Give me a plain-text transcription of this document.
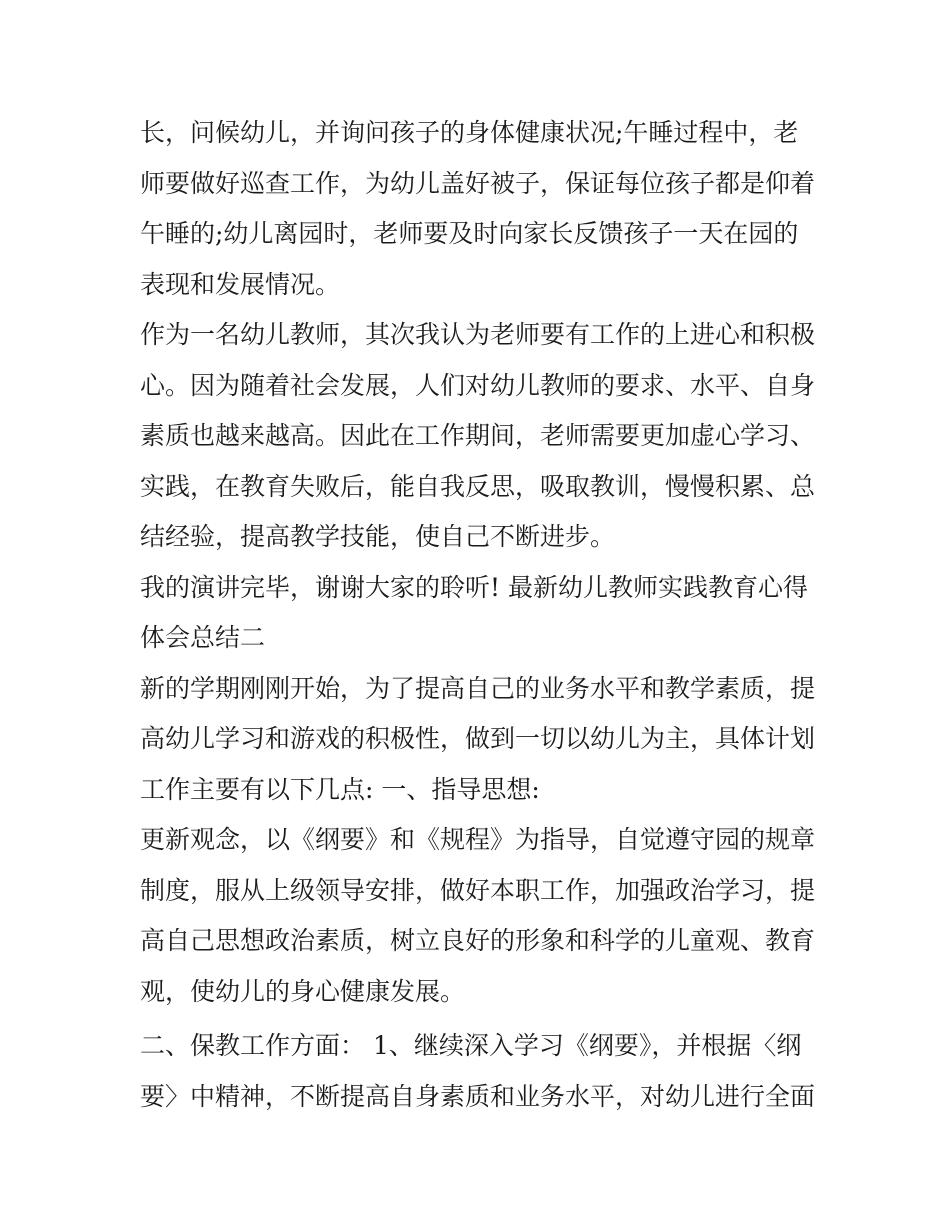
长，问候幼儿，并询问孩子的身体健康状况;午睡过程中，老
师要做好巡查工作，为幼儿盖好被子，保证每位孩子都是仰着
午睡的;幼儿离园时，老师要及时向家长反馈孩子一天在园的
表现和发展情况。
作为一名幼儿教师，其次我认为老师要有工作的上进心和积极
心。因为随着社会发展，人们对幼儿教师的要求、水平、自身
素质也越来越高。因此在工作期间，老师需要更加虚心学习、
实践，在教育失败后，能自我反思，吸取教训，慢慢积累、总
结经验，提高教学技能，使自己不断进步。
我的演讲完毕，谢谢大家的聆听! 最新幼儿教师实践教育心得
体会总结二
新的学期刚刚开始，为了提高自己的业务水平和教学素质，提
高幼儿学习和游戏的积极性，做到一切以幼儿为主，具体计划
工作主要有以下几点: 一、指导思想:
更新观念，以《纲要》和《规程》为指导，自觉遵守园的规章
制度，服从上级领导安排，做好本职工作，加强政治学习，提
高自己思想政治素质，树立良好的形象和科学的儿童观、教育
观，使幼儿的身心健康发展。
二、保教工作方面： 1、继续深入学习《纲要》，并根据〈纲
要〉中精神，不断提高自身素质和业务水平，对幼儿进行全面
